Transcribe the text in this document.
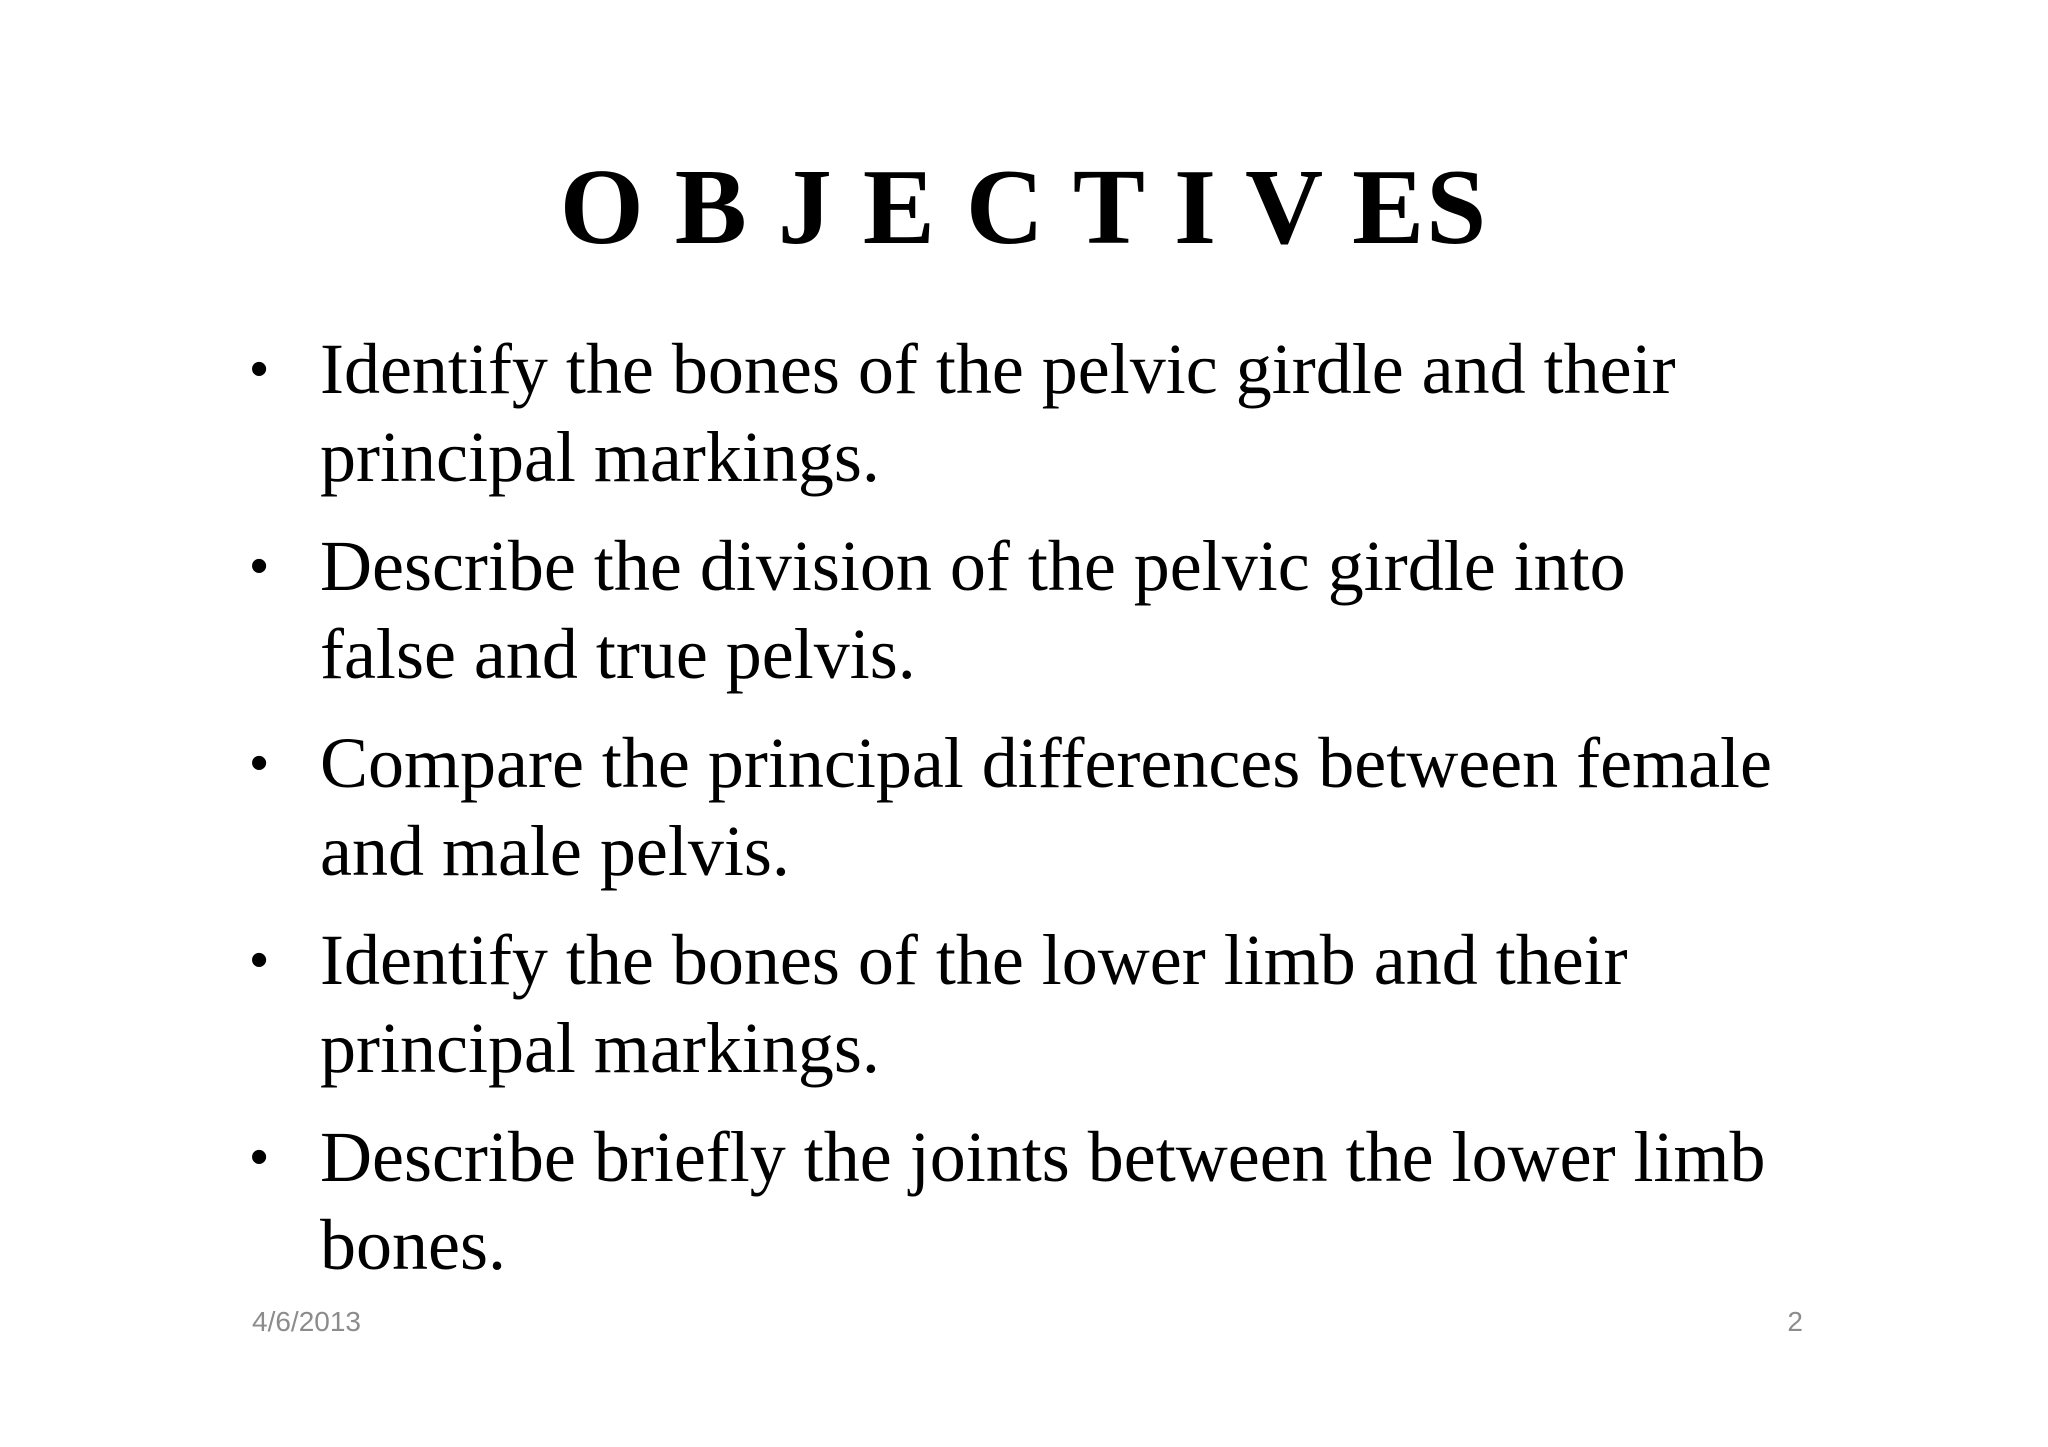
O B J E C T I V ES
• Identify the bones of the pelvic girdle and their
principal markings.
• Describe the division of the pelvic girdle into
false and true pelvis.
• Compare the principal differences between female
and male pelvis.
• Identify the bones of the lower limb and their
principal markings.
• Describe briefly the joints between the lower limb
bones.
4/6/2013	2
